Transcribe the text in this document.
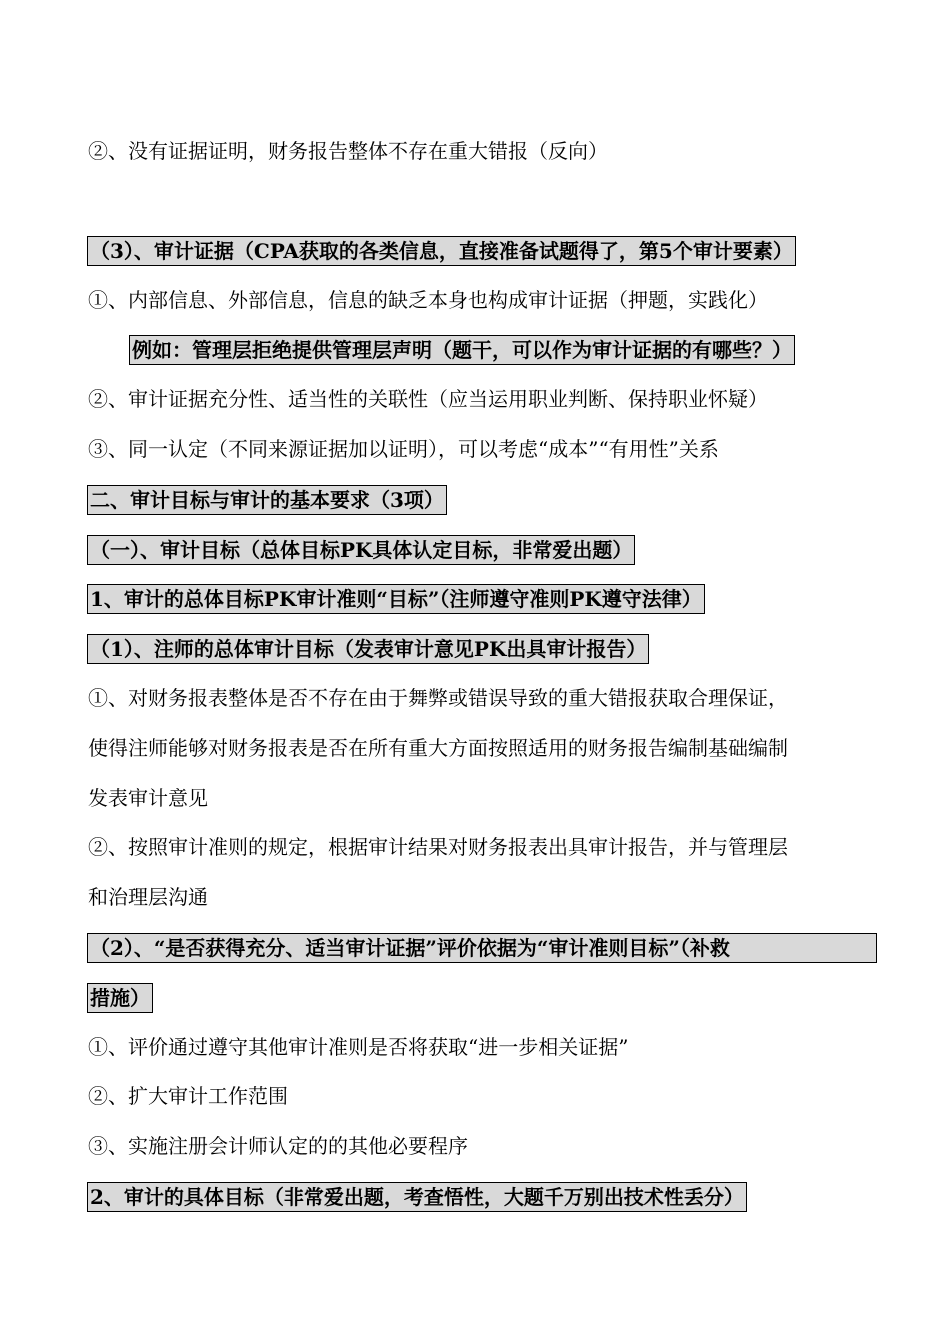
②、没有证据证明，财务报告整体不存在重大错报（反向）
（3）、审计证据（CPA获取的各类信息，直接准备试题得了，第5个审计要素）
①、内部信息、外部信息，信息的缺乏本身也构成审计证据（押题，实践化）
例如：管理层拒绝提供管理层声明（题干，可以作为审计证据的有哪些？）
②、审计证据充分性、适当性的关联性（应当运用职业判断、保持职业怀疑）
③、同一认定（不同来源证据加以证明），可以考虑“成本”“有用性”关系
二、审计目标与审计的基本要求（3项）
（一）、审计目标（总体目标PK具体认定目标，非常爱出题）
1、审计的总体目标PK审计准则“目标”（注师遵守准则PK遵守法律）
（1）、注师的总体审计目标（发表审计意见PK出具审计报告）
①、对财务报表整体是否不存在由于舞弊或错误导致的重大错报获取合理保证，
使得注师能够对财务报表是否在所有重大方面按照适用的财务报告编制基础编制
发表审计意见
②、按照审计准则的规定，根据审计结果对财务报表出具审计报告，并与管理层
和治理层沟通
（2）、“是否获得充分、适当审计证据”评价依据为“审计准则目标”（补救
措施）
①、评价通过遵守其他审计准则是否将获取“进一步相关证据”
②、扩大审计工作范围
③、实施注册会计师认定的的其他必要程序
2、审计的具体目标（非常爱出题，考查悟性，大题千万别出技术性丢分）
